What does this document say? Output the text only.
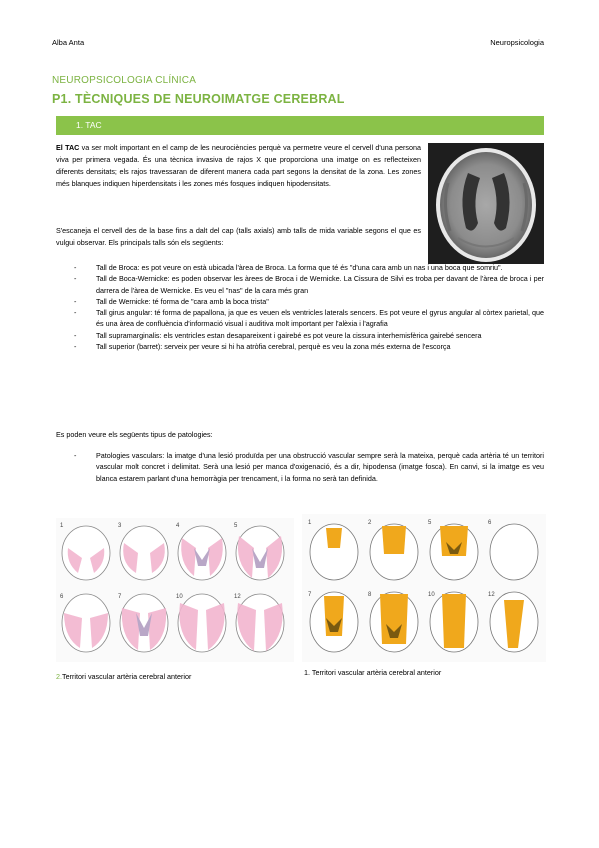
Alba Anta	Neuropsicologia
NEUROPSICOLOGIA CLÍNICA
P1. TÈCNIQUES DE NEUROIMATGE CEREBRAL
1. TAC
El TAC va ser molt important en el camp de les neurociències perquè va permetre veure el cervell d'una persona viva per primera vegada. És una tècnica invasiva de rajos X que proporciona una imatge on es reflecteixen diferents densitats; els rajos travessaran de diferent manera cada part segons la densitat de la zona. Les zones més blanques indiquen hiperdensitats i les zones més fosques indiquen hipodensitats.
S'escaneja el cervell des de la base fins a dalt del cap (talls axials) amb talls de mida variable segons el que es vulgui observar. Els principals talls són els següents:
- Tall de Broca: es pot veure on està ubicada l'àrea de Broca. La forma que té és "d'una cara amb un nas i una boca que somriu".
- Tall de Boca-Wernicke: es poden observar les àrees de Broca i de Wernicke. La Cissura de Silvi es troba per davant de l'àrea de broca i per darrera de l'àrea de Wernicke. Es veu el "nas" de la cara més gran
- Tall de Wernicke: té forma de "cara amb la boca trista"
- Tall girus angular: té forma de papallona, ja que es veuen els ventricles laterals sencers. Es pot veure el gyrus angular al còrtex parietal, que és una àrea de confluència d'informació visual i auditiva molt important per l'alèxia i l'agrafia
- Tall supramarginalis: els ventricles estan desapareixent i gairebé es pot veure la cissura interhemisfèrica gairebé sencera
- Tall superior (barret): serveix per veure si hi ha atròfia cerebral, perquè es veu la zona més externa de l'escorça
Es poden veure els següents tipus de patologies:
- Patologies vasculars: la imatge d'una lesió produïda per una obstrucció vascular sempre serà la mateixa, perquè cada artèria té un territori vascular molt concret i delimitat. Serà una lesió per manca d'oxigenació, és a dir, hipodensa (imatge fosca). En canvi, si la imatge es veu blanca estarem parlant d'una hemorràgia per trencament, i la forma no serà tan definida.
1	3	4	5
6	7	10	12
2.Territori vascular artèria cerebral anterior
1	2	5	6
7	8	10	12
1. Territori vascular artèria cerebral anterior
